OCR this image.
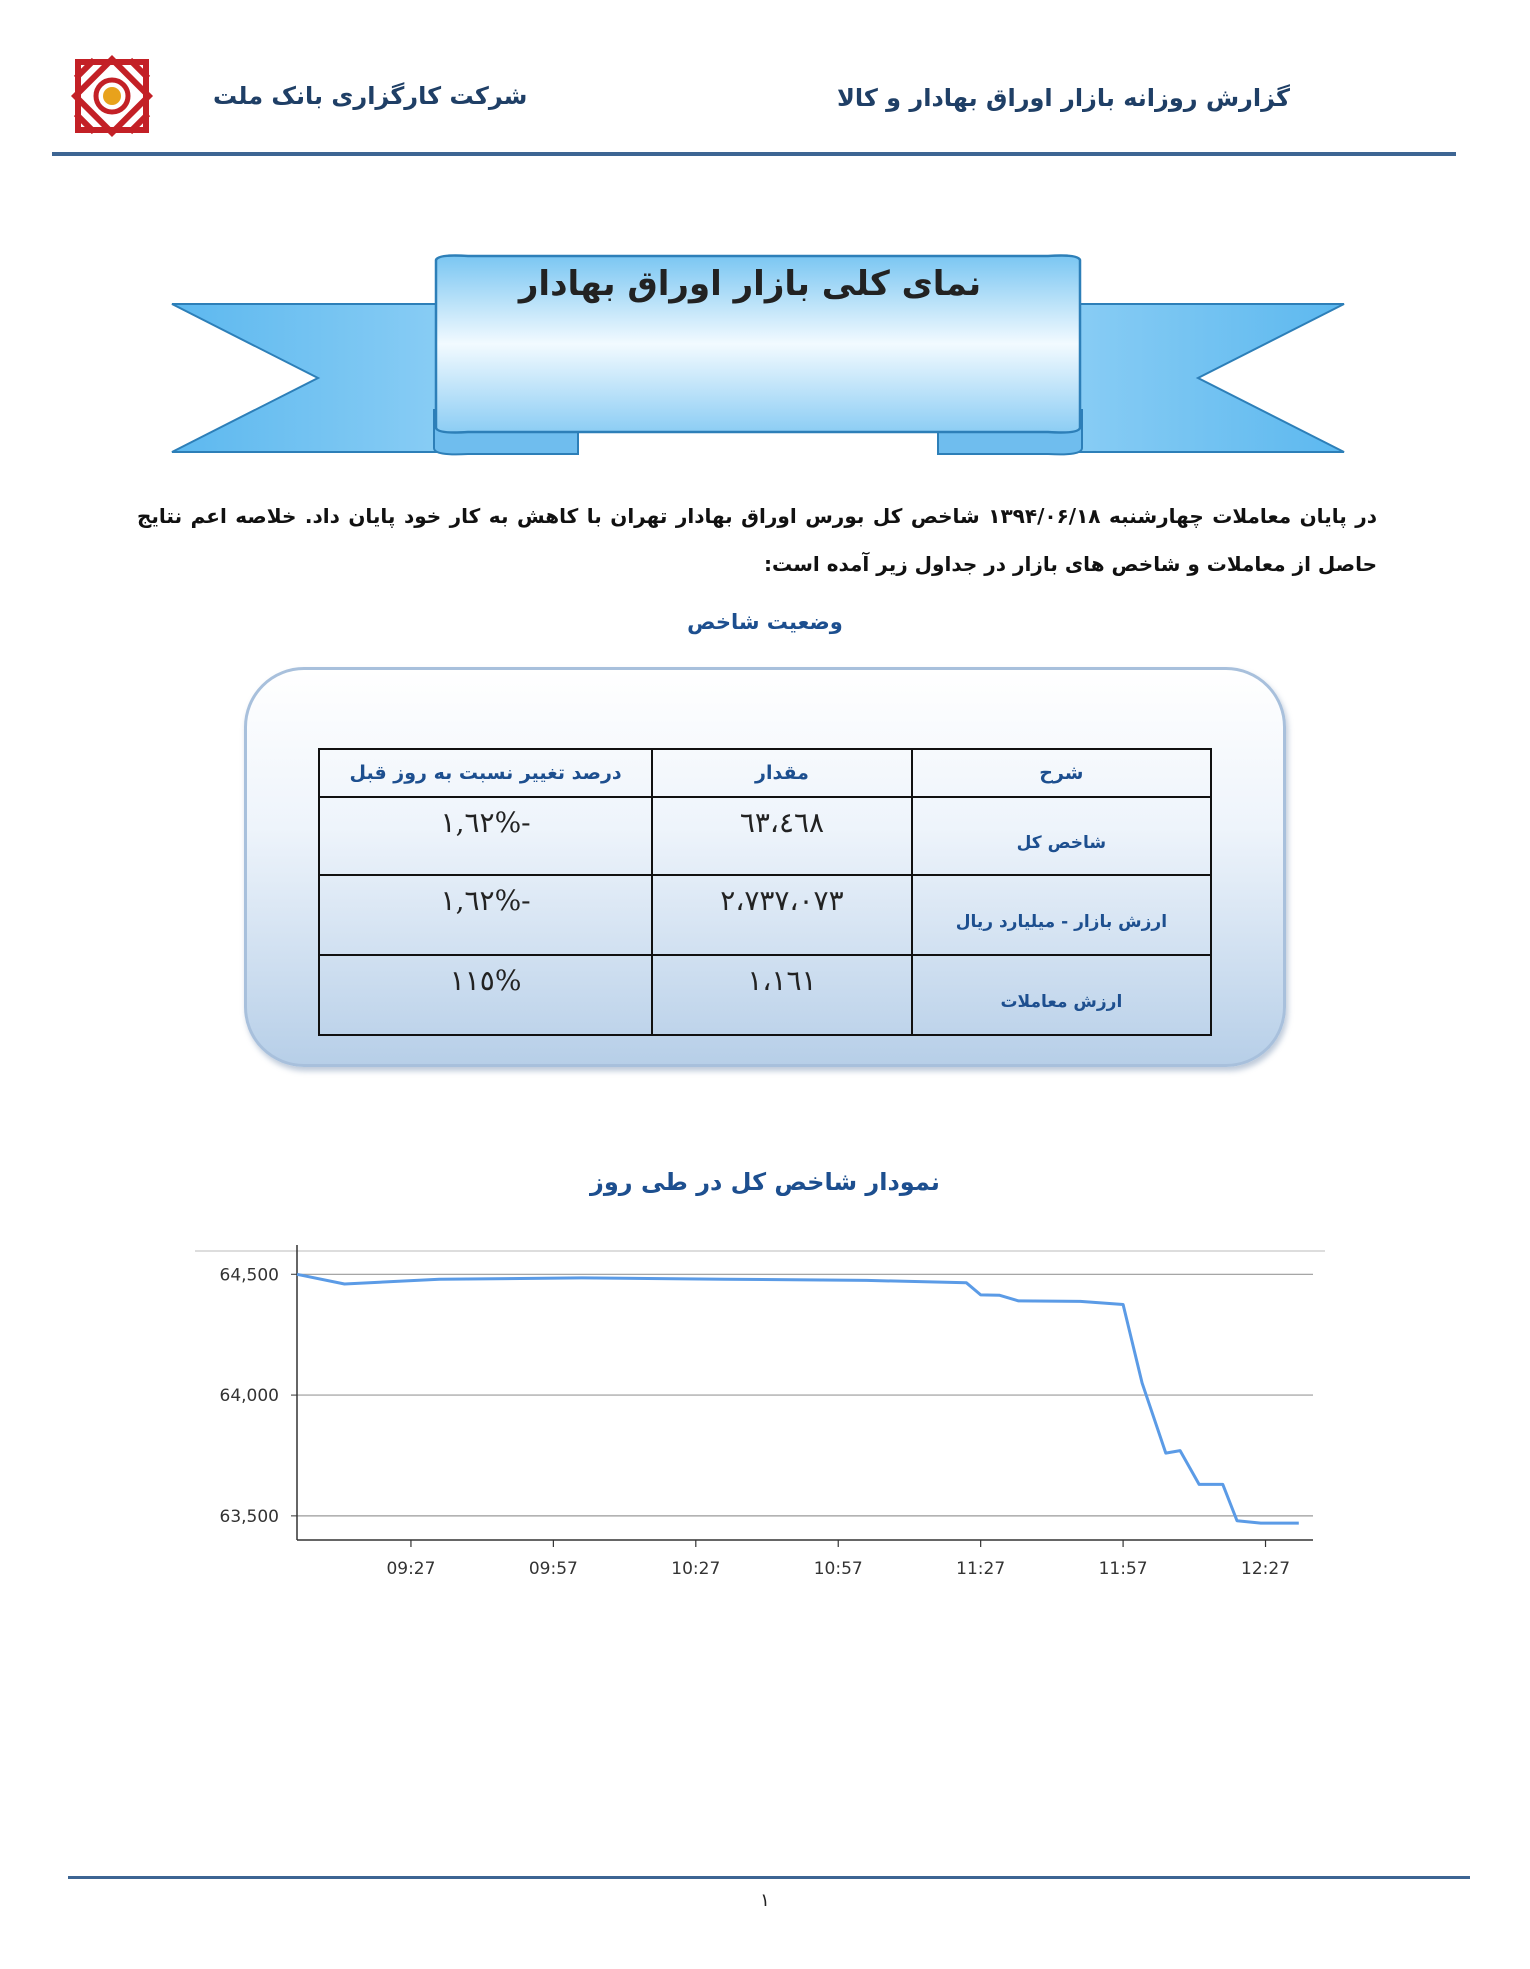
شرکت کارگزاری بانک ملت	گزارش روزانه بازار اوراق بهادار و کالا
نمای کلی بازار اوراق بهادار
در پایان معاملات چهارشنبه ۱۳۹۴/۰۶/۱۸ شاخص کل بورس اوراق بهادار تهران با کاهش به کار خود پایان داد. خلاصه اعم نتایج
حاصل از معاملات و شاخص های بازار در جداول زیر آمده است:
وضعیت شاخص
شرح	مقدار	درصد تغییر نسبت به روز قبل
شاخص کل	٦٣،٤٦٨	-%١,٦٢
ارزش بازار - میلیارد ریال	٢،٧٣٧،٠٧٣	-%١,٦٢
ارزش معاملات	١،١٦١	%١١٥
نمودار شاخص کل در طی روز
63,500
64,000
64,500
09:27	09:57	10:27	10:57	11:27	11:57	12:27
١
